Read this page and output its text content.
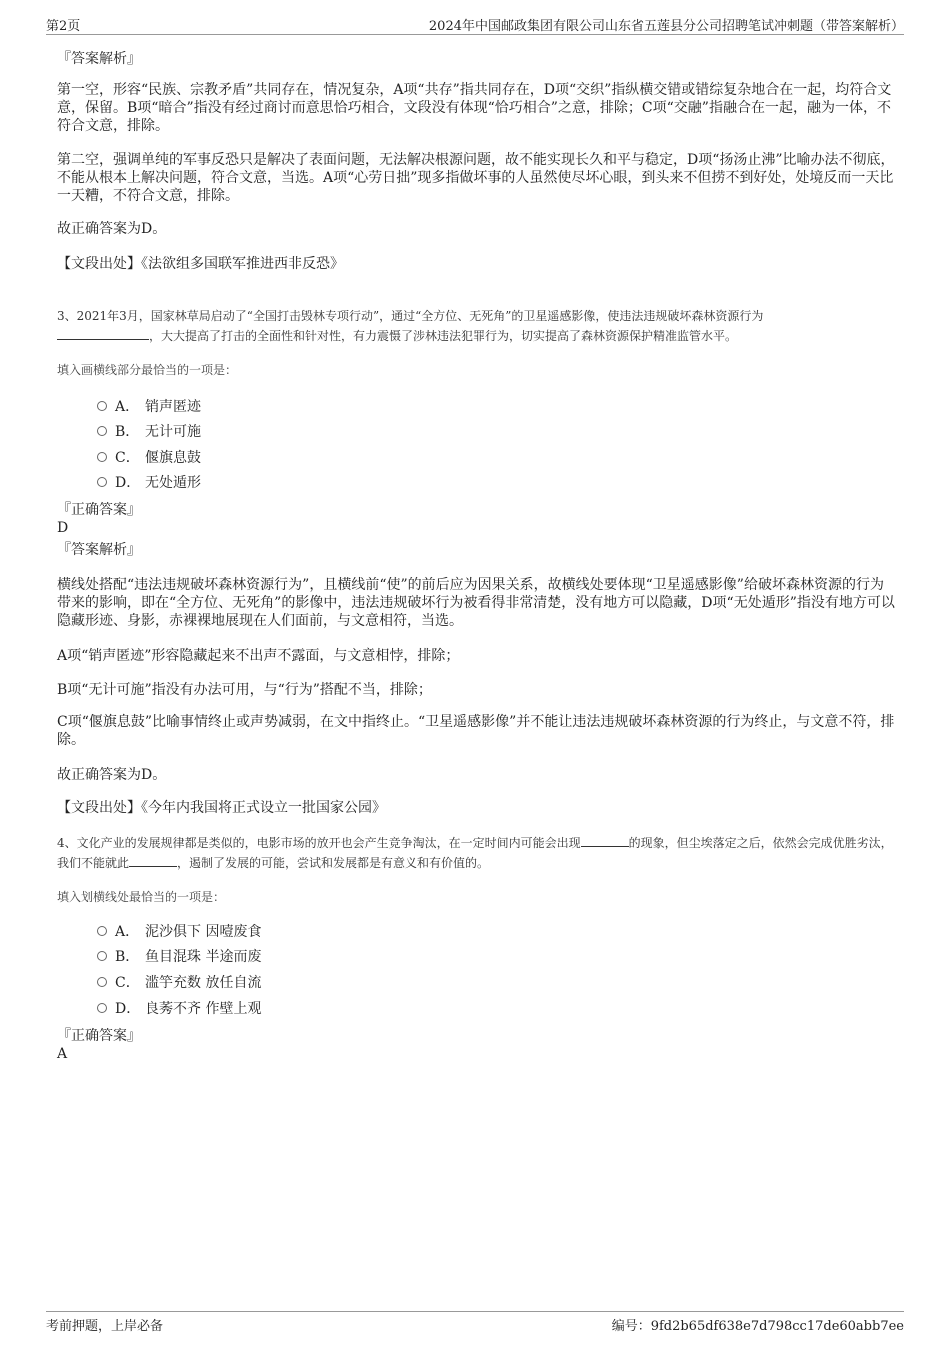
第2页	2024年中国邮政集团有限公司山东省五莲县分公司招聘笔试冲刺题（带答案解析）
『答案解析』
第一空，形容“民族、宗教矛盾”共同存在，情况复杂，A项“共存”指共同存在，D项“交织”指纵横交错或错综复杂地合在一起，均符合文意，保留。B项“暗合”指没有经过商讨而意思恰巧相合，文段没有体现“恰巧相合”之意，排除；C项“交融”指融合在一起，融为一体，不符合文意，排除。
第二空，强调单纯的军事反恐只是解决了表面问题，无法解决根源问题，故不能实现长久和平与稳定，D项“扬汤止沸”比喻办法不彻底，不能从根本上解决问题，符合文意，当选。A项“心劳日拙”现多指做坏事的人虽然使尽坏心眼，到头来不但捞不到好处，处境反而一天比一天糟，不符合文意，排除。
故正确答案为D。
【文段出处】《法欲组多国联军推进西非反恐》
3、2021年3月，国家林草局启动了“全国打击毁林专项行动”，通过“全方位、无死角”的卫星遥感影像，使违法违规破坏森林资源行为
，大大提高了打击的全面性和针对性，有力震慑了涉林违法犯罪行为，切实提高了森林资源保护精准监管水平。
填入画横线部分最恰当的一项是：
A． 销声匿迹
B． 无计可施
C． 偃旗息鼓
D． 无处遁形
『正确答案』
D
『答案解析』
横线处搭配“违法违规破坏森林资源行为”，且横线前“使”的前后应为因果关系，故横线处要体现“卫星遥感影像”给破坏森林资源的行为带来的影响，即在“全方位、无死角”的影像中，违法违规破坏行为被看得非常清楚，没有地方可以隐藏，D项“无处遁形”指没有地方可以隐藏形迹、身影，赤裸裸地展现在人们面前，与文意相符，当选。
A项“销声匿迹”形容隐藏起来不出声不露面，与文意相悖，排除；
B项“无计可施”指没有办法可用，与“行为”搭配不当，排除；
C项“偃旗息鼓”比喻事情终止或声势减弱，在文中指终止。“卫星遥感影像”并不能让违法违规破坏森林资源的行为终止，与文意不符，排除。
故正确答案为D。
【文段出处】《今年内我国将正式设立一批国家公园》
4、文化产业的发展规律都是类似的，电影市场的放开也会产生竞争淘汰，在一定时间内可能会出现	的现象，但尘埃落定之后，依然会完成优胜劣汰，我们不能就此	，遏制了发展的可能，尝试和发展都是有意义和有价值的。
填入划横线处最恰当的一项是：
A． 泥沙俱下 因噎废食
B． 鱼目混珠 半途而废
C． 滥竽充数 放任自流
D． 良莠不齐 作壁上观
『正确答案』
A
考前押题，上岸必备	编号：9fd2b65df638e7d798cc17de60abb7ee
